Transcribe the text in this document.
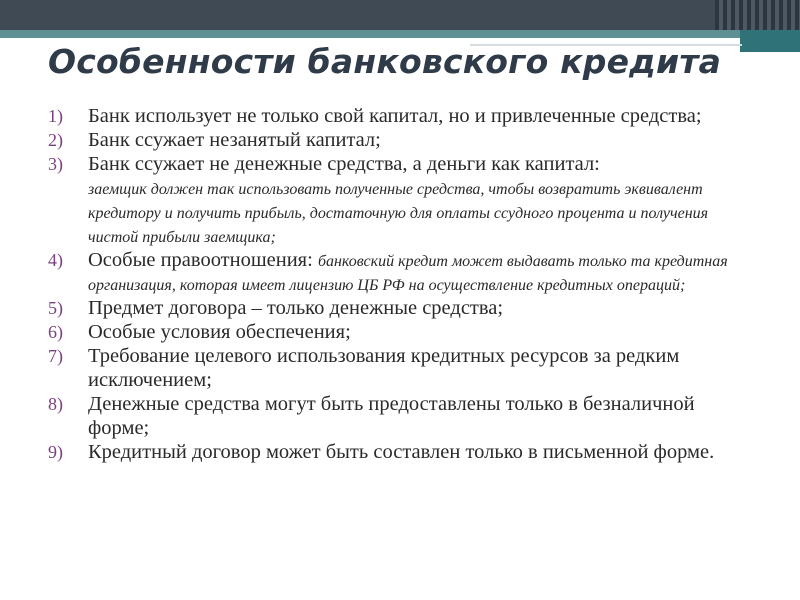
Особенности банковского кредита
1)	Банк использует не только свой капитал, но и привлеченные средства;
2)	Банк ссужает незанятый капитал;
3)	Банк ссужает не денежные средства, а деньги как капитал:
заемщик должен так использовать полученные средства, чтобы возвратить эквивалент кредитору и получить прибыль, достаточную для оплаты ссудного процента и получения чистой прибыли заемщика;
4)	Особые правоотношения: банковский кредит может выдавать только та кредитная организация, которая имеет лицензию ЦБ РФ на осуществление кредитных операций;
5)	Предмет договора – только денежные средства;
6)	Особые условия обеспечения;
7)	Требование целевого использования кредитных ресурсов за редким исключением;
8)	Денежные средства могут быть предоставлены только в безналичной форме;
9)	Кредитный договор может быть составлен только в письменной форме.
